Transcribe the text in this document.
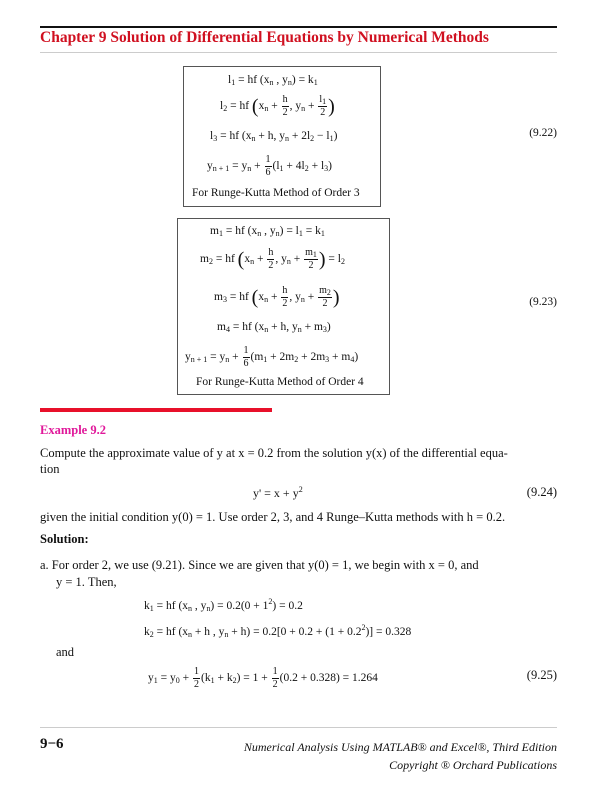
Chapter 9 Solution of Differential Equations by Numerical Methods
$l_1$ = hf ($x_n$ , $y_n) = k_1$
$l_2$ = hf ($x_n + \frac{h}{2}$ , $y_n + \frac{l_1}{2}$ )
$l_3$ = hf ($x_n + h$, $y_n + 2l_2 - l_1$)
$y_{n + 1} = y_n + \frac{1}{6} (l_1 + 4l_2 + l_3)$
For Runge-Kutta Method of Order 3
(9.22)
$m_1$ = hf ($x_n$ , $y_n) = l_1 = k_1$
$m_2$ = hf ($x_n + \frac{h}{2}$ , $y_n + \frac{m_1}{2}$ ) = $l_2$
$m_3$ = hf ($x_n + \frac{h}{2}$ , $y_n + \frac{m_2}{2}$ )
$m_4$ = hf ($x_n + h$, $y_n + m_3$)
$y_{n + 1} = y_n + \frac{1}{6} (m_1 + 2m_2 + 2m_3 + m_4)$
For Runge-Kutta Method of Order 4
(9.23)
Example 9.2
Compute the approximate value of y at x = 0.2 from the solution y(x) of the differential equa-
tion
$y' = x + y^2$	(9.24)
given the initial condition y(0) = 1. Use order 2, 3, and 4 Runge–Kutta methods with h = 0.2.
Solution:
a. For order 2, we use (9.21). Since we are given that y(0) = 1, we begin with x = 0, and
y = 1. Then,
$k_1$ = hf ($x_n$ , $y_n) = 0.2(0 + 1^2) = 0.2$
$k_2$ = hf ($x_n + h$ , $y_n + h) = 0.2[0 + 0.2 + (1 + 0.2^2)] = 0.328$
and
$y_1 = y_0 + \frac{1}{2} (k_1 + k_2) = 1 + \frac{1}{2} (0.2 + 0.328) = 1.264$	(9.25)
9−6	Numerical Analysis Using MATLAB® and Excel®, Third Edition
Copyright ® Orchard Publications
